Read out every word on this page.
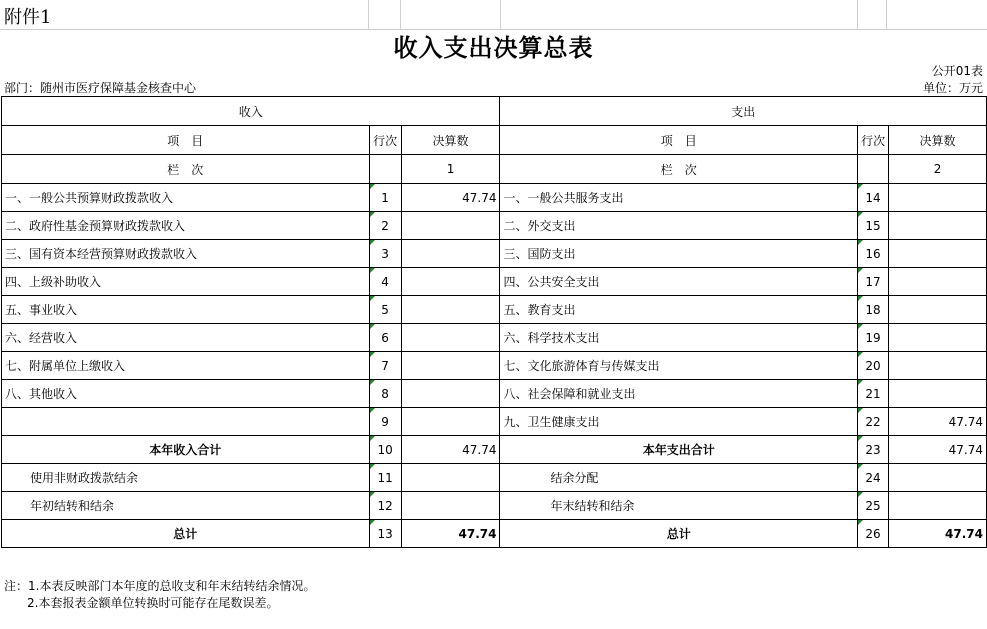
附件1
收入支出决算总表
公开01表
部门：随州市医疗保障基金核查中心	单位：万元
收入			支出		
项　目	行次	决算数	项　目	行次	决算数
栏　次		1	栏　次		2
一、一般公共预算财政拨款收入	1	47.74	一、一般公共服务支出	14	
二、政府性基金预算财政拨款收入	2		二、外交支出	15	
三、国有资本经营预算财政拨款收入	3		三、国防支出	16	
四、上级补助收入	4		四、公共安全支出	17	
五、事业收入	5		五、教育支出	18	
六、经营收入	6		六、科学技术支出	19	
七、附属单位上缴收入	7		七、文化旅游体育与传媒支出	20	
八、其他收入	8		八、社会保障和就业支出	21	
	9		九、卫生健康支出	22	47.74
本年收入合计	10	47.74	本年支出合计	23	47.74
使用非财政拨款结余	11		结余分配	24	
年初结转和结余	12		年末结转和结余	25	
总计	13	47.74	总计	26	47.74
注：1.本表反映部门本年度的总收支和年末结转结余情况。
2.本套报表金额单位转换时可能存在尾数误差。
